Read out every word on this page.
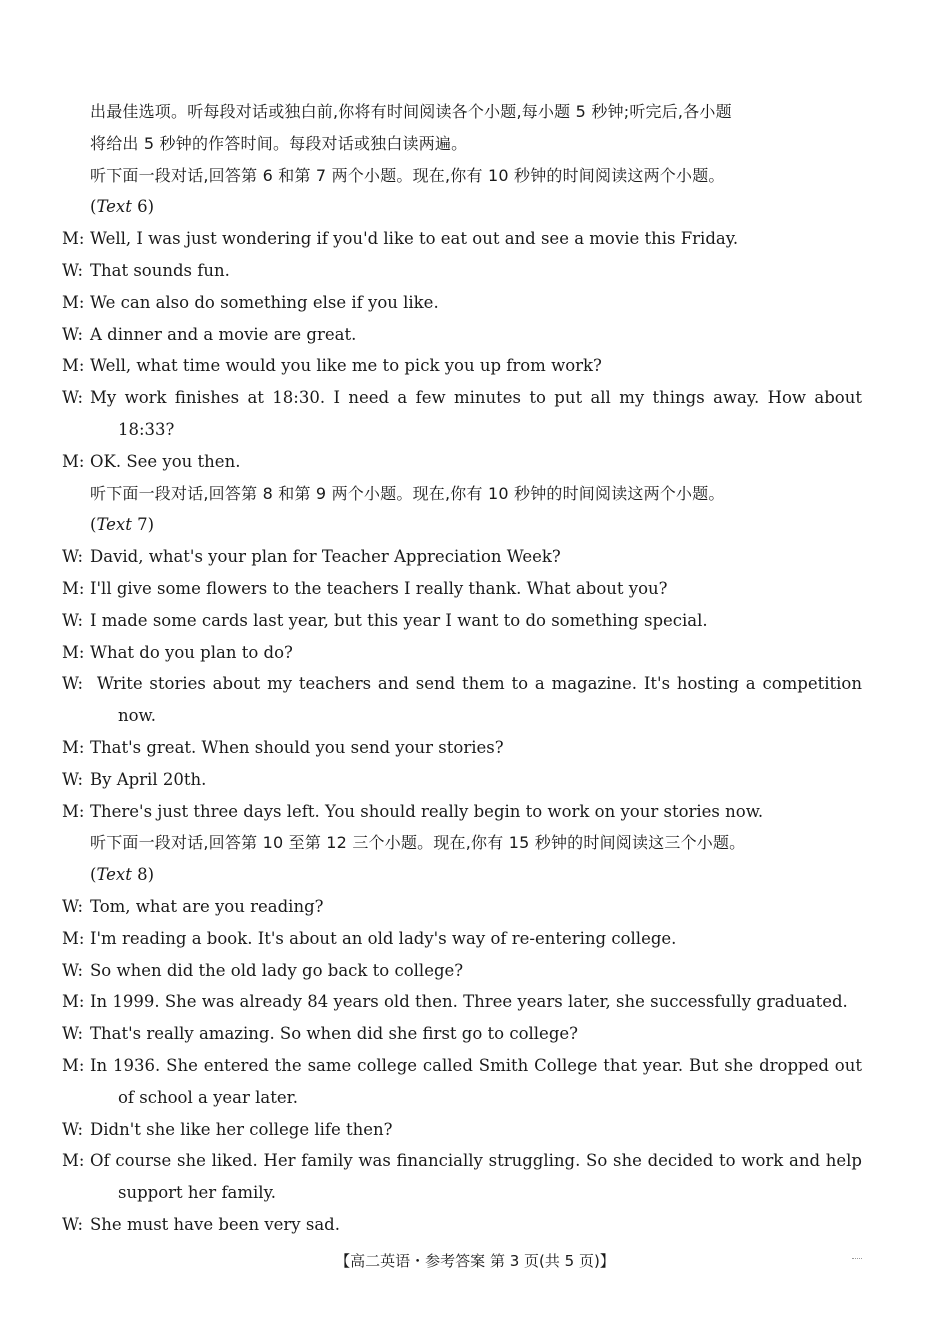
出最佳选项。听每段对话或独白前,你将有时间阅读各个小题,每小题 5 秒钟;听完后,各小题
将给出 5 秒钟的作答时间。每段对话或独白读两遍。
听下面一段对话,回答第 6 和第 7 两个小题。现在,你有 10 秒钟的时间阅读这两个小题。
(Text 6)
M: Well, I was just wondering if you'd like to eat out and see a movie this Friday.
W: That sounds fun.
M: We can also do something else if you like.
W: A dinner and a movie are great.
M: Well, what time would you like me to pick you up from work?
W: My work finishes at 18:30. I need a few minutes to put all my things away. How about 18:33?
M: OK. See you then.
听下面一段对话,回答第 8 和第 9 两个小题。现在,你有 10 秒钟的时间阅读这两个小题。
(Text 7)
W: David, what's your plan for Teacher Appreciation Week?
M: I'll give some flowers to the teachers I really thank. What about you?
W: I made some cards last year, but this year I want to do something special.
M: What do you plan to do?
W: Write stories about my teachers and send them to a magazine. It's hosting a competition now.
M: That's great. When should you send your stories?
W: By April 20th.
M: There's just three days left. You should really begin to work on your stories now.
听下面一段对话,回答第 10 至第 12 三个小题。现在,你有 15 秒钟的时间阅读这三个小题。
(Text 8)
W: Tom, what are you reading?
M: I'm reading a book. It's about an old lady's way of re-entering college.
W: So when did the old lady go back to college?
M: In 1999. She was already 84 years old then. Three years later, she successfully graduated.
W: That's really amazing. So when did she first go to college?
M: In 1936. She entered the same college called Smith College that year. But she dropped out of school a year later.
W: Didn't she like her college life then?
M: Of course she liked. Her family was financially struggling. So she decided to work and help support her family.
W: She must have been very sad.
【高二英语・参考答案 第 3 页(共 5 页)】
